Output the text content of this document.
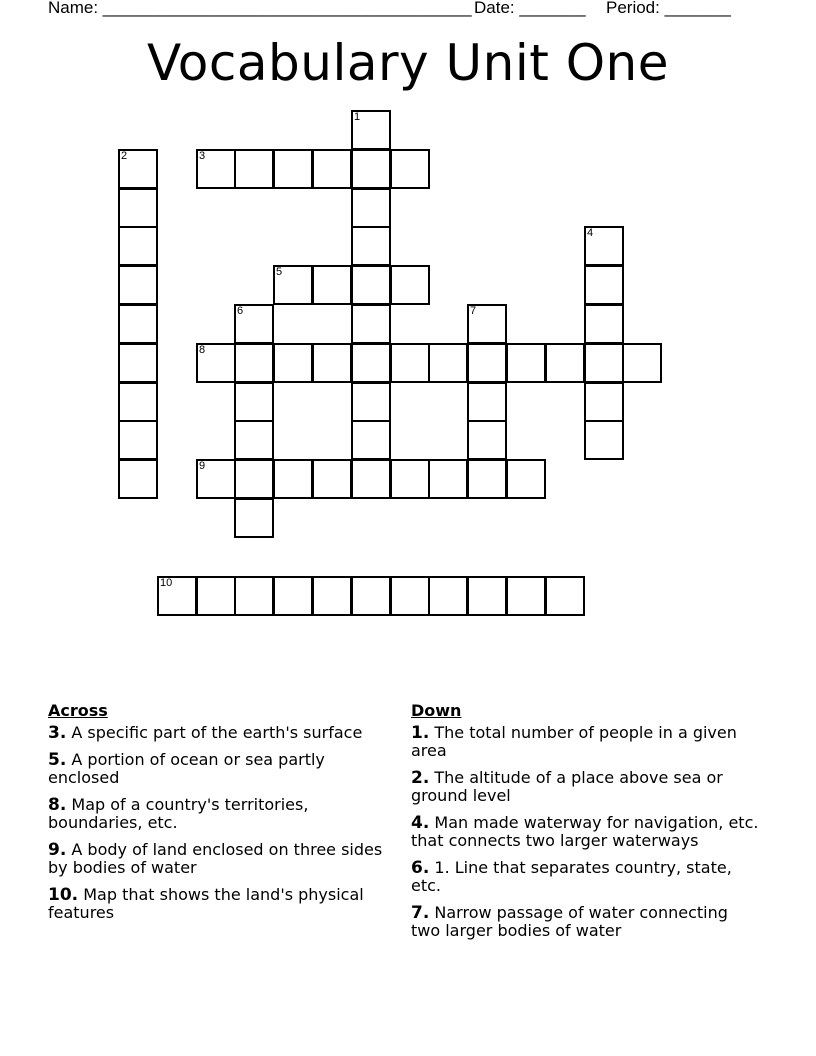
Name: _______________________________________ Date: _______ Period: _______
Vocabulary Unit One
1
2	3
4
5
6	7
8
9
10
Across
3. A specific part of the earth's surface
5. A portion of ocean or sea partly enclosed
8. Map of a country's territories, boundaries, etc.
9. A body of land enclosed on three sides by bodies of water
10. Map that shows the land's physical features
Down
1. The total number of people in a given area
2. The altitude of a place above sea or ground level
4. Man made waterway for navigation, etc. that connects two larger waterways
6. 1. Line that separates country, state, etc.
7. Narrow passage of water connecting two larger bodies of water
